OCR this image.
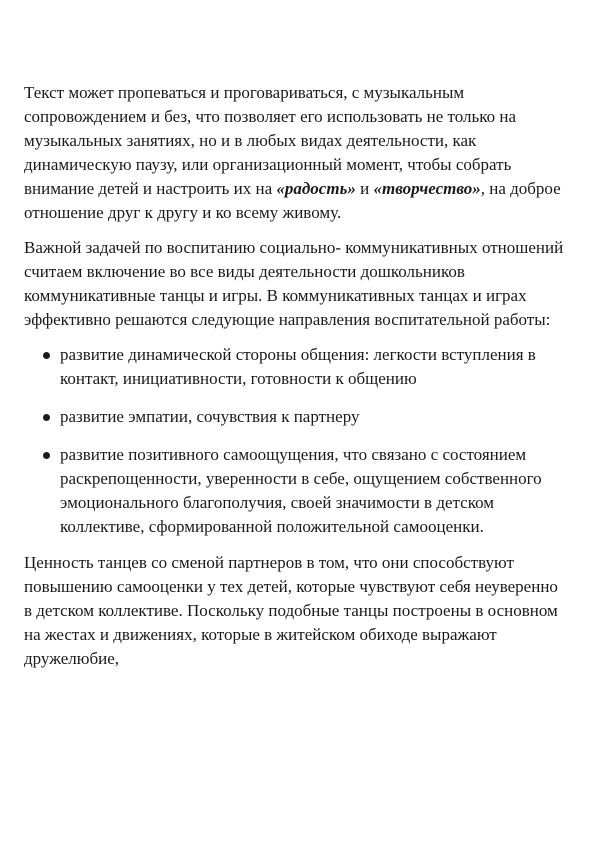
Текст может пропеваться и проговариваться, с музыкальным сопровождением и без, что позволяет его использовать не только на музыкальных занятиях, но и в любых видах деятельности, как динамическую паузу, или организационный момент, чтобы собрать внимание детей и настроить их на «радость» и «творчество», на доброе отношение друг к другу и ко всему живому.

Важной задачей по воспитанию социально- коммуникативных отношений считаем включение во все виды деятельности дошкольников коммуникативные танцы и игры. В коммуникативных танцах и играх эффективно решаются следующие направления воспитательной работы:

развитие динамической стороны общения: легкости вступления в контакт, инициативности, готовности к общению
развитие эмпатии, сочувствия к партнеру
развитие позитивного самоощущения, что связано с состоянием раскрепощенности, уверенности в себе, ощущением собственного эмоционального благополучия, своей значимости в детском коллективе, сформированной положительной самооценки.

Ценность танцев со сменой партнеров в том, что они способствуют повышению самооценки у тех детей, которые чувствуют себя неуверенно в детском коллективе. Поскольку подобные танцы построены в основном на жестах и движениях, которые в житейском обиходе выражают дружелюбие,
